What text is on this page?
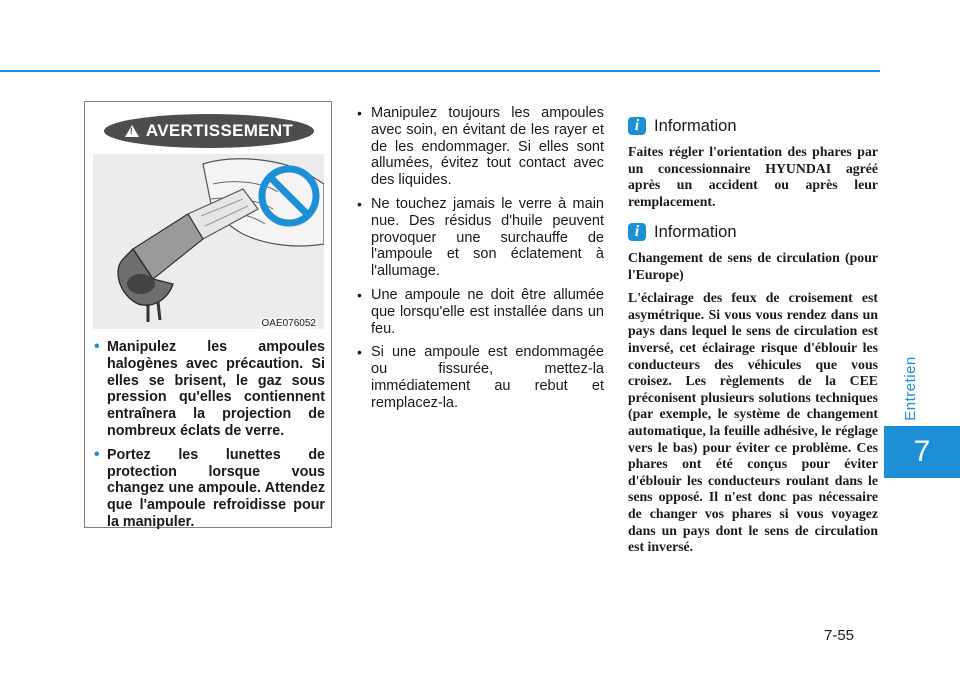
!
AVERTISSEMENT
OAE076052
• Manipulez les ampoules halogènes avec précaution. Si elles se brisent, le gaz sous pression qu'elles contiennent entraînera la projection de nombreux éclats de verre.
• Portez les lunettes de protection lorsque vous changez une ampoule. Attendez que l'ampoule refroidisse pour la manipuler.
• Manipulez toujours les ampoules avec soin, en évitant de les rayer et de les endommager. Si elles sont allumées, évitez tout contact avec des liquides.
• Ne touchez jamais le verre à main nue. Des résidus d'huile peuvent provoquer une surchauffe de l'ampoule et son éclatement à l'allumage.
• Une ampoule ne doit être allumée que lorsqu'elle est installée dans un feu.
• Si une ampoule est endommagée ou fissurée, mettez-la immédiatement au rebut et remplacez-la.
i Information

Faites régler l'orientation des phares par un concessionnaire HYUNDAI agréé après un accident ou après leur remplacement.

i Information

Changement de sens de circulation (pour l'Europe)

L'éclairage des feux de croisement est asymétrique. Si vous vous rendez dans un pays dans lequel le sens de circulation est inversé, cet éclairage risque d'éblouir les conducteurs des véhicules que vous croisez. Les règlements de la CEE préconisent plusieurs solutions techniques (par exemple, le système de changement automatique, la feuille adhésive, le réglage vers le bas) pour éviter ce problème. Ces phares ont été conçus pour éviter d'éblouir les conducteurs roulant dans le sens opposé. Il n'est donc pas nécessaire de changer vos phares si vous voyagez dans un pays dont le sens de circulation est inversé.

Entretien
7
7-55
